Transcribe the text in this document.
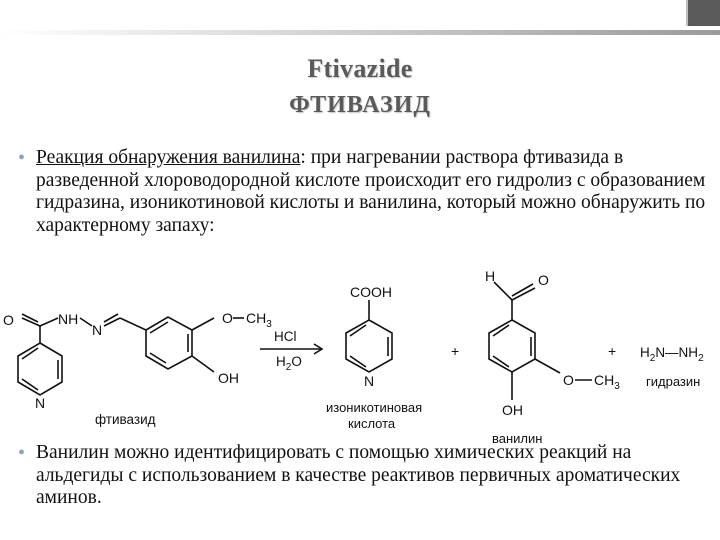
Ftivazide
ФТИВАЗИД
• Реакция обнаружения ванилина: при нагревании раствора фтивазида в разведенной хлороводородной кислоте происходит его гидролиз с образованием гидразина, изоникотиновой кислоты и ванилина, который можно обнаружить по характерному запаху:
O	NH
N
O $CH_3$
OH
N
фтивазид
HCl
$H_2O$
COOH
N
изоникотиновая
кислота
+
H	O
O $CH_3$
OH
ванилин
+ $H_2N—NH_2$
гидразин
• Ванилин можно идентифицировать с помощью химических реакций на альдегиды с использованием в качестве реактивов первичных ароматических аминов.
